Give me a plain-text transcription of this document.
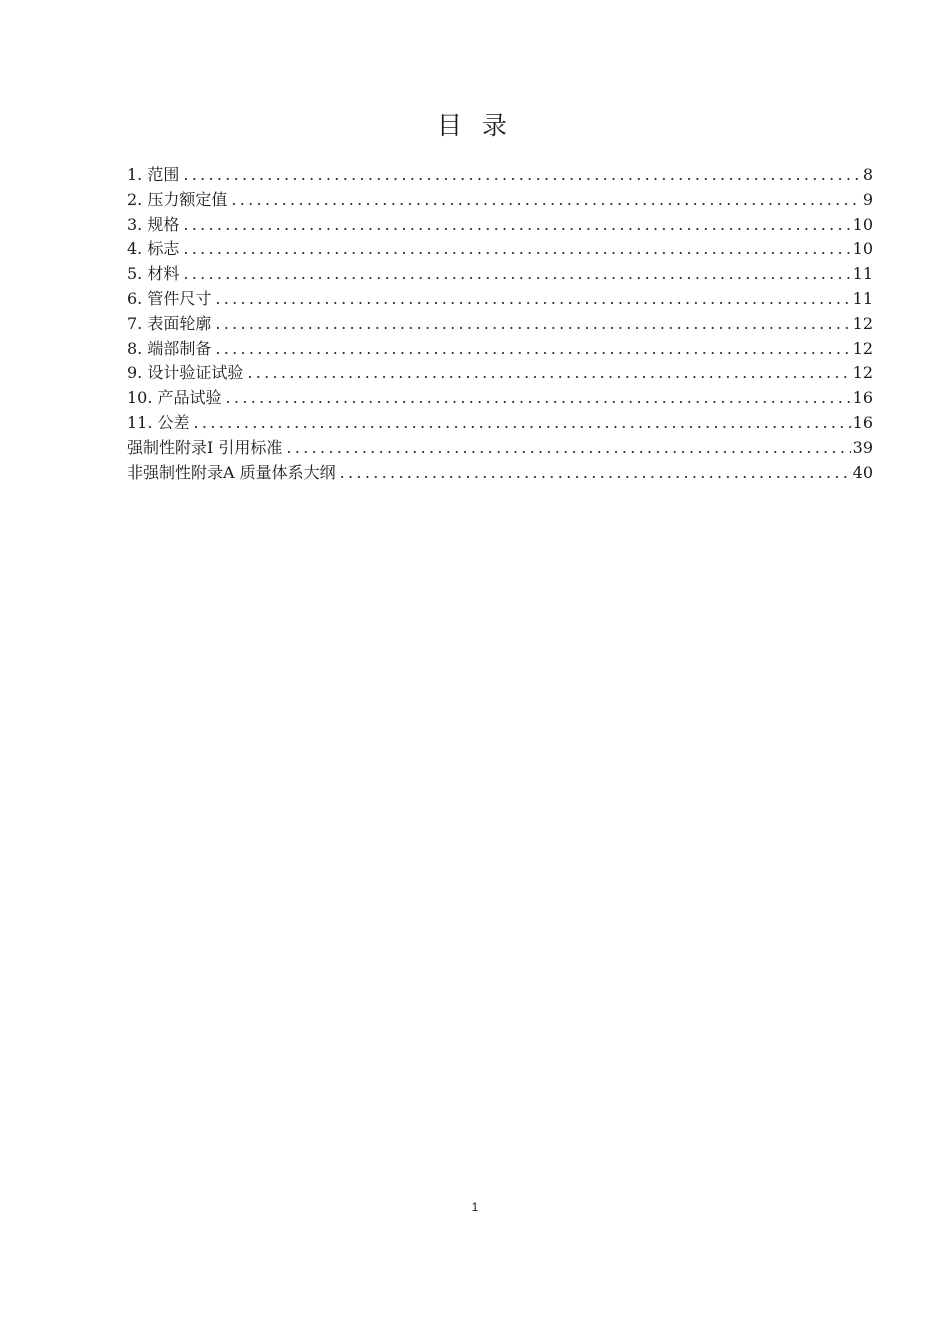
目 录
1. 范围 .....	8
2. 压力额定值 .....	9
3. 规格 .....	10
4. 标志 .....	10
5. 材料 .....	11
6. 管件尺寸 .....	11
7. 表面轮廓 .....	12
8. 端部制备 .....	12
9. 设计验证试验 .....	12
10. 产品试验 .....	16
11. 公差 .....	16
强制性附录Ⅰ 引用标准 .....	39
非强制性附录A 质量体系大纲 .....	40
1
